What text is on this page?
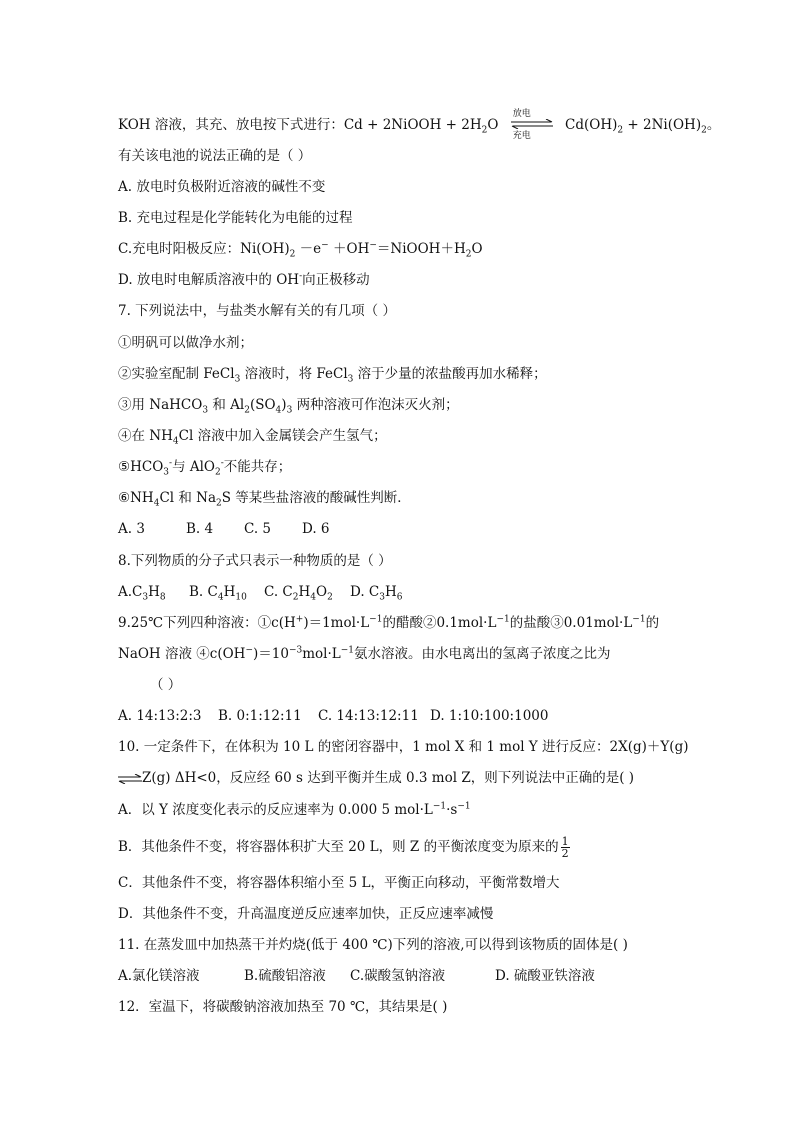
KOH 溶液，其充、放电按下式进行：Cd + 2NiOOH + $2H_2O$
放电
充电
$Cd(OH)_2 + 2Ni(OH)_2$。
有关该电池的说法正确的是（ ）
A. 放电时负极附近溶液的碱性不变
B. 充电过程是化学能转化为电能的过程
C.充电时阳极反应：$Ni(OH)_2 -e^-$ $+OH^-=NiOOH+H_2O$
D. 放电时电解质溶液中的 OH-向正极移动
7. 下列说法中，与盐类水解有关的有几项（ ）
①明矾可以做净水剂；
②实验室配制 FeCl$_3$ 溶液时，将 FeCl$_3$ 溶于少量的浓盐酸再加水稀释；
③用 NaHCO$_3$ 和 $Al_2(SO_4)_3$ 两种溶液可作泡沫灭火剂；
④在 $NH_4Cl$ 溶液中加入金属镁会产生氢气；
$⑤HCO_3^-$与 AlO$_2$-不能共存；
$⑥NH_4Cl$ 和 $Na_2S$ 等某些盐溶液的酸碱性判断．
A. 3	B. 4	C. 5	D. 6
8.下列物质的分子式只表示一种物质的是（ ）
$A.C_3H_8$	B. $C_4H_{10}$	C. $C_2H_4O_2$	D. $C_3H_6$
9.25℃下列四种溶液：$①c(H^+)=1mol\cdot L^{-1}$的醋酸$②0.1mol\cdot L^{-1}$的盐酸$③0.01mol\cdot L^{-1}$的
NaOH 溶液 $④c(OH^-)=10^{-3}mol\cdot L^{-1}$氨水溶液。由水电离出的氢离子浓度之比为
（ ）
A. 14:13:2:3	B. 0:1:12:11	C. 14:13:12:11 D. 1:10:100:1000
10. 一定条件下，在体积为 10 L 的密闭容器中，1 mol X 和 1 mol Y 进行反应：2X(g)＋Y(g)
⇌Z(g) ΔH<0，反应经 60 s 达到平衡并生成 0.3 mol Z，则下列说法中正确的是( )
A．以 Y 浓度变化表示的反应速率为 0.000 5 $mol\cdot L^{-1}\cdot s^{-1}$
B．其他条件不变，将容器体积扩大至 20 L，则 Z 的平衡浓度变为原来的 $\frac{1}{2}$
C．其他条件不变，将容器体积缩小至 5 L，平衡正向移动，平衡常数增大
D．其他条件不变，升高温度逆反应速率加快，正反应速率减慢
11. 在蒸发皿中加热蒸干并灼烧(低于 400 ℃)下列的溶液,可以得到该物质的固体是( )
A.氯化镁溶液	B.硫酸铝溶液	C.碳酸氢钠溶液	D. 硫酸亚铁溶液
12．室温下，将碳酸钠溶液加热至 70 ℃，其结果是( )
